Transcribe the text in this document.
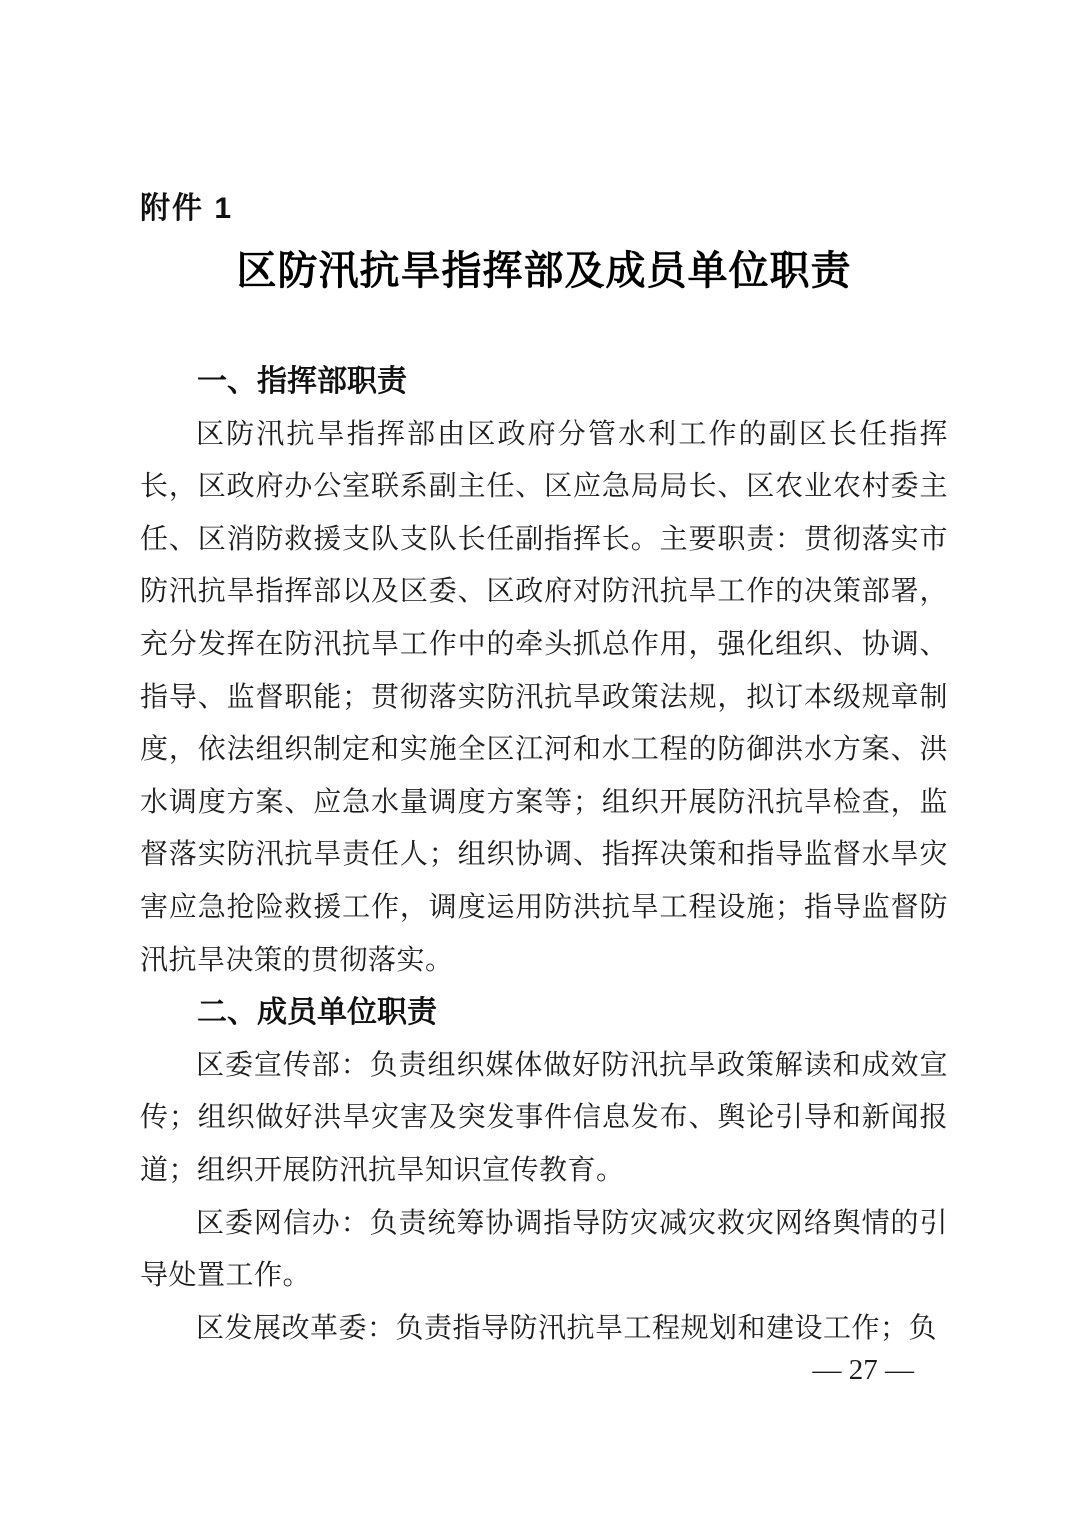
附件 1
区防汛抗旱指挥部及成员单位职责
一、指挥部职责

区防汛抗旱指挥部由区政府分管水利工作的副区长任指挥长，区政府办公室联系副主任、区应急局局长、区农业农村委主任、区消防救援支队支队长任副指挥长。主要职责：贯彻落实市防汛抗旱指挥部以及区委、区政府对防汛抗旱工作的决策部署，充分发挥在防汛抗旱工作中的牵头抓总作用，强化组织、协调、指导、监督职能；贯彻落实防汛抗旱政策法规，拟订本级规章制度，依法组织制定和实施全区江河和水工程的防御洪水方案、洪水调度方案、应急水量调度方案等；组织开展防汛抗旱检查，监督落实防汛抗旱责任人；组织协调、指挥决策和指导监督水旱灾害应急抢险救援工作，调度运用防洪抗旱工程设施；指导监督防汛抗旱决策的贯彻落实。

二、成员单位职责

区委宣传部：负责组织媒体做好防汛抗旱政策解读和成效宣传；组织做好洪旱灾害及突发事件信息发布、舆论引导和新闻报道；组织开展防汛抗旱知识宣传教育。

区委网信办：负责统筹协调指导防灾减灾救灾网络舆情的引导处置工作。

区发展改革委：负责指导防汛抗旱工程规划和建设工作；负

— 27 —
